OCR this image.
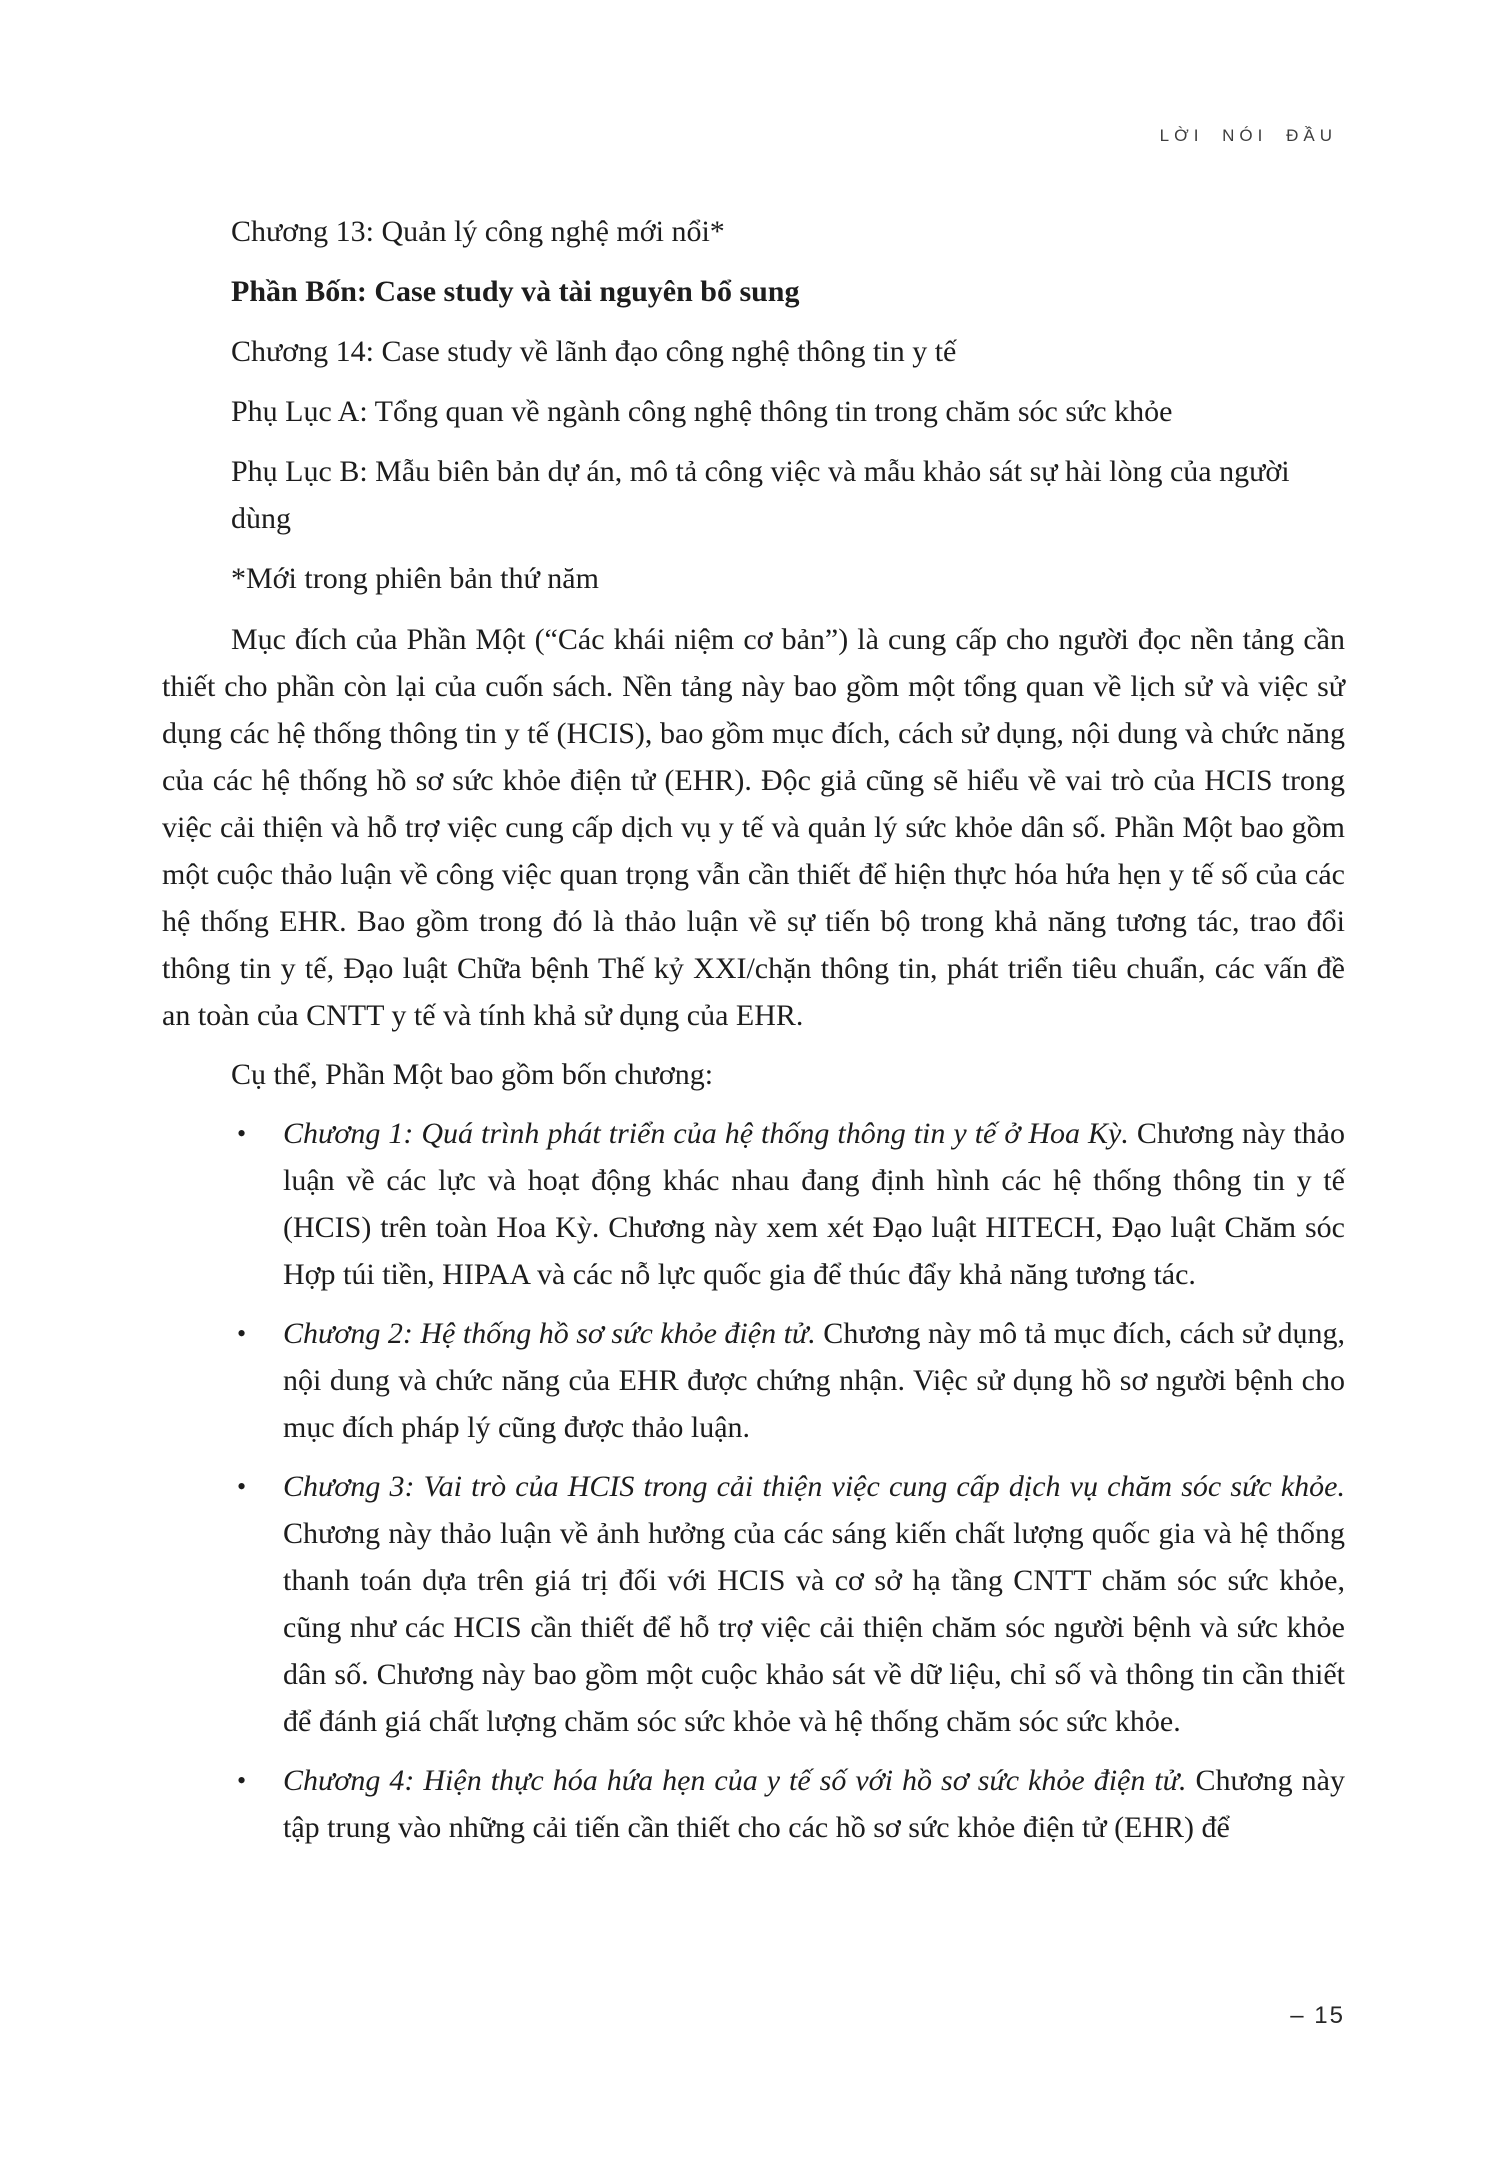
LỜI NÓI ĐẦU

Chương 13: Quản lý công nghệ mới nổi*

Phần Bốn: Case study và tài nguyên bổ sung

Chương 14: Case study về lãnh đạo công nghệ thông tin y tế

Phụ Lục A: Tổng quan về ngành công nghệ thông tin trong chăm sóc sức khỏe

Phụ Lục B: Mẫu biên bản dự án, mô tả công việc và mẫu khảo sát sự hài lòng của người dùng

*Mới trong phiên bản thứ năm

Mục đích của Phần Một (“Các khái niệm cơ bản”) là cung cấp cho người đọc nền tảng cần thiết cho phần còn lại của cuốn sách. Nền tảng này bao gồm một tổng quan về lịch sử và việc sử dụng các hệ thống thông tin y tế (HCIS), bao gồm mục đích, cách sử dụng, nội dung và chức năng của các hệ thống hồ sơ sức khỏe điện tử (EHR). Độc giả cũng sẽ hiểu về vai trò của HCIS trong việc cải thiện và hỗ trợ việc cung cấp dịch vụ y tế và quản lý sức khỏe dân số. Phần Một bao gồm một cuộc thảo luận về công việc quan trọng vẫn cần thiết để hiện thực hóa hứa hẹn y tế số của các hệ thống EHR. Bao gồm trong đó là thảo luận về sự tiến bộ trong khả năng tương tác, trao đổi thông tin y tế, Đạo luật Chữa bệnh Thế kỷ XXI/chặn thông tin, phát triển tiêu chuẩn, các vấn đề an toàn của CNTT y tế và tính khả sử dụng của EHR.

Cụ thể, Phần Một bao gồm bốn chương:

• Chương 1: Quá trình phát triển của hệ thống thông tin y tế ở Hoa Kỳ. Chương này thảo luận về các lực và hoạt động khác nhau đang định hình các hệ thống thông tin y tế (HCIS) trên toàn Hoa Kỳ. Chương này xem xét Đạo luật HITECH, Đạo luật Chăm sóc Hợp túi tiền, HIPAA và các nỗ lực quốc gia để thúc đẩy khả năng tương tác.
• Chương 2: Hệ thống hồ sơ sức khỏe điện tử. Chương này mô tả mục đích, cách sử dụng, nội dung và chức năng của EHR được chứng nhận. Việc sử dụng hồ sơ người bệnh cho mục đích pháp lý cũng được thảo luận.
• Chương 3: Vai trò của HCIS trong cải thiện việc cung cấp dịch vụ chăm sóc sức khỏe. Chương này thảo luận về ảnh hưởng của các sáng kiến chất lượng quốc gia và hệ thống thanh toán dựa trên giá trị đối với HCIS và cơ sở hạ tầng CNTT chăm sóc sức khỏe, cũng như các HCIS cần thiết để hỗ trợ việc cải thiện chăm sóc người bệnh và sức khỏe dân số. Chương này bao gồm một cuộc khảo sát về dữ liệu, chỉ số và thông tin cần thiết để đánh giá chất lượng chăm sóc sức khỏe và hệ thống chăm sóc sức khỏe.
• Chương 4: Hiện thực hóa hứa hẹn của y tế số với hồ sơ sức khỏe điện tử. Chương này tập trung vào những cải tiến cần thiết cho các hồ sơ sức khỏe điện tử (EHR) để
– 15
